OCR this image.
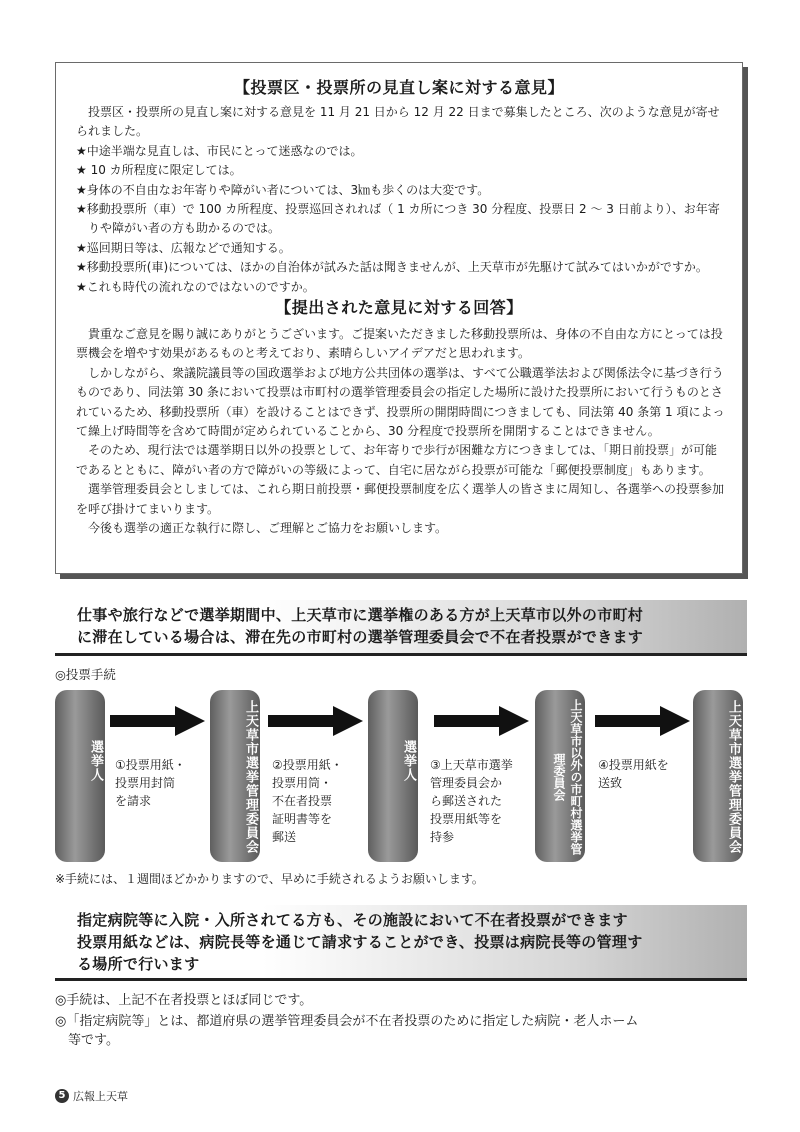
【投票区・投票所の見直し案に対する意見】
投票区・投票所の見直し案に対する意見を 11 月 21 日から 12 月 22 日まで募集したところ、次のような意見が寄せられました。
★中途半端な見直しは、市民にとって迷惑なのでは。
★ 10 カ所程度に限定しては。
★身体の不自由なお年寄りや障がい者については、3㎞も歩くのは大変です。
★移動投票所（車）で 100 カ所程度、投票巡回されれば（ 1 カ所につき 30 分程度、投票日 2 〜 3 日前より）、お年寄りや障がい者の方も助かるのでは。
★巡回期日等は、広報などで通知する。
★移動投票所(車)については、ほかの自治体が試みた話は聞きませんが、上天草市が先駆けて試みてはいかがですか。
★これも時代の流れなのではないのですか。
【提出された意見に対する回答】
貴重なご意見を賜り誠にありがとうございます。ご提案いただきました移動投票所は、身体の不自由な方にとっては投票機会を増やす効果があるものと考えており、素晴らしいアイデアだと思われます。
しかしながら、衆議院議員等の国政選挙および地方公共団体の選挙は、すべて公職選挙法および関係法令に基づき行うものであり、同法第 30 条において投票は市町村の選挙管理委員会の指定した場所に設けた投票所において行うものとされているため、移動投票所（車）を設けることはできず、投票所の開閉時間につきましても、同法第 40 条第 1 項によって繰上げ時間等を含めて時間が定められていることから、30 分程度で投票所を開閉することはできません。
そのため、現行法では選挙期日以外の投票として、お年寄りで歩行が困難な方につきましては、「期日前投票」が可能であるとともに、障がい者の方で障がいの等級によって、自宅に居ながら投票が可能な「郵便投票制度」もあります。
選挙管理委員会としましては、これら期日前投票・郵便投票制度を広く選挙人の皆さまに周知し、各選挙への投票参加を呼び掛けてまいります。
今後も選挙の適正な執行に際し、ご理解とご協力をお願いします。
仕事や旅行などで選挙期間中、上天草市に選挙権のある方が上天草市以外の市町村
に滞在している場合は、滞在先の市町村の選挙管理委員会で不在者投票ができます
◎投票手続
選挙人	上天草市選挙管理委員会	選挙人	上天草市以外の市町村選挙管理委員会	上天草市選挙管理委員会
①投票用紙・
投票用封筒
を請求
②投票用紙・
投票用筒・
不在者投票
証明書等を
郵送
③上天草市選挙
管理委員会か
ら郵送された
投票用紙等を
持参
④投票用紙を
送致
※手続には、１週間ほどかかりますので、早めに手続されるようお願いします。
指定病院等に入院・入所されてる方も、その施設において不在者投票ができます
投票用紙などは、病院長等を通じて請求することができ、投票は病院長等の管理す
る場所で行います
◎手続は、上記不在者投票とほぼ同じです。
◎「指定病院等」とは、都道府県の選挙管理委員会が不在者投票のために指定した病院・老人ホーム
等です。
5 広報上天草
